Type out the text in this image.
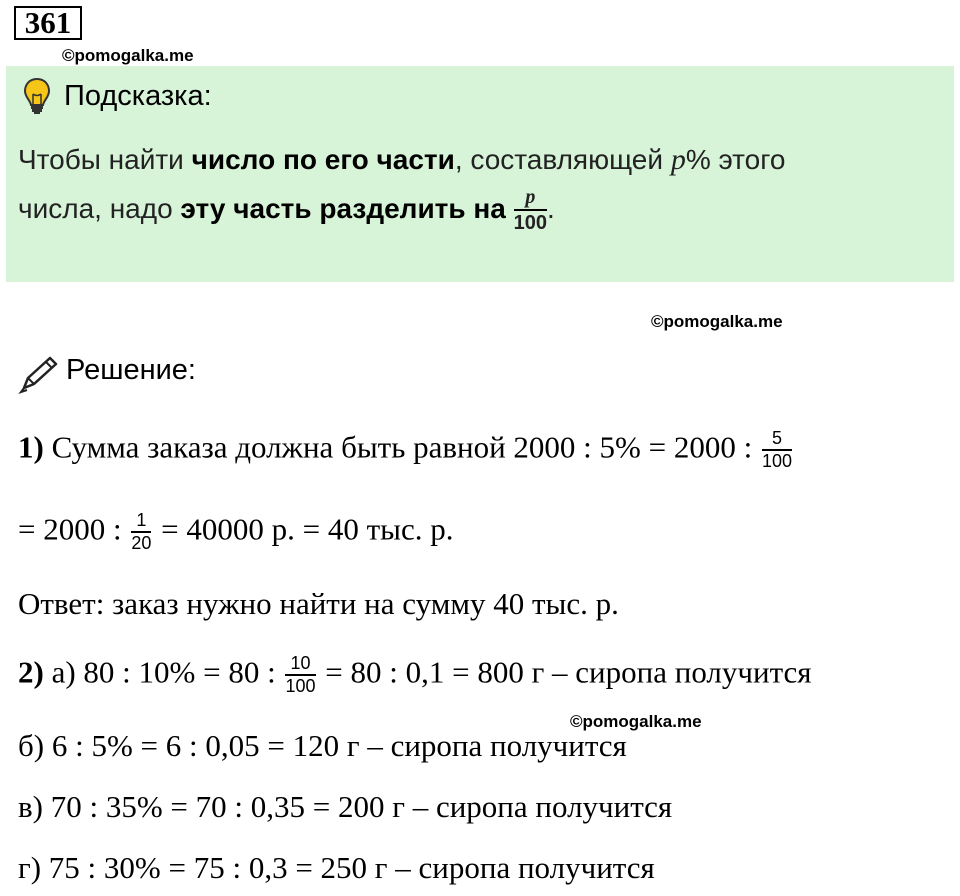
361
©pomogalka.me
Подсказка:
Чтобы найти число по его части, составляющей p% этого
числа, надо эту часть разделить на $\frac{p}{100}$ .
©pomogalka.me
Решение:
1) Сумма заказа должна быть равной 2000 : 5% = 2000 : $\frac{5}{100}$
= 2000 : $\frac{1}{20} = 40000$ р. = 40 тыс. р.
Ответ: заказ нужно найти на сумму 40 тыс. р.
2) а) 80 : 10% = 80 : $\frac{10}{100} = 80$ : 0,1 = 800 г – сиропа получится
©pomogalka.me
б) 6 : 5% = 6 : 0,05 = 120 г – сиропа получится
в) 70 : 35% = 70 : 0,35 = 200 г – сиропа получится
г) 75 : 30% = 75 : 0,3 = 250 г – сиропа получится
